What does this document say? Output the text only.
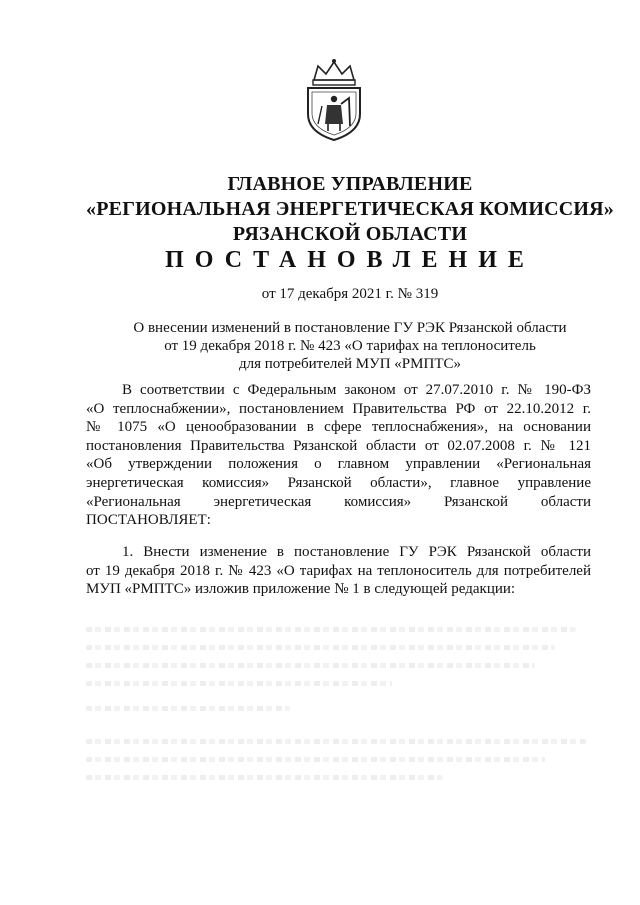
ГЛАВНОЕ УПРАВЛЕНИЕ
«РЕГИОНАЛЬНАЯ ЭНЕРГЕТИЧЕСКАЯ КОМИССИЯ»
РЯЗАНСКОЙ ОБЛАСТИ
ПОСТАНОВЛЕНИЕ
от 17 декабря 2021 г. № 319
О внесении изменений в постановление ГУ РЭК Рязанской области
от 19 декабря 2018 г. № 423 «О тарифах на теплоноситель
для потребителей МУП «РМПТС»
В соответствии с Федеральным законом от 27.07.2010 г. № 190-ФЗ
«О теплоснабжении», постановлением Правительства РФ от 22.10.2012 г.
№ 1075 «О ценообразовании в сфере теплоснабжения», на основании
постановления Правительства Рязанской области от 02.07.2008 г. № 121
«Об утверждении положения о главном управлении «Региональная
энергетическая комиссия» Рязанской области», главное управление
«Региональная энергетическая комиссия» Рязанской области
ПОСТАНОВЛЯЕТ:
1. Внести изменение в постановление ГУ РЭК Рязанской области
от 19 декабря 2018 г. № 423 «О тарифах на теплоноситель для потребителей
МУП «РМПТС» изложив приложение № 1 в следующей редакции:
